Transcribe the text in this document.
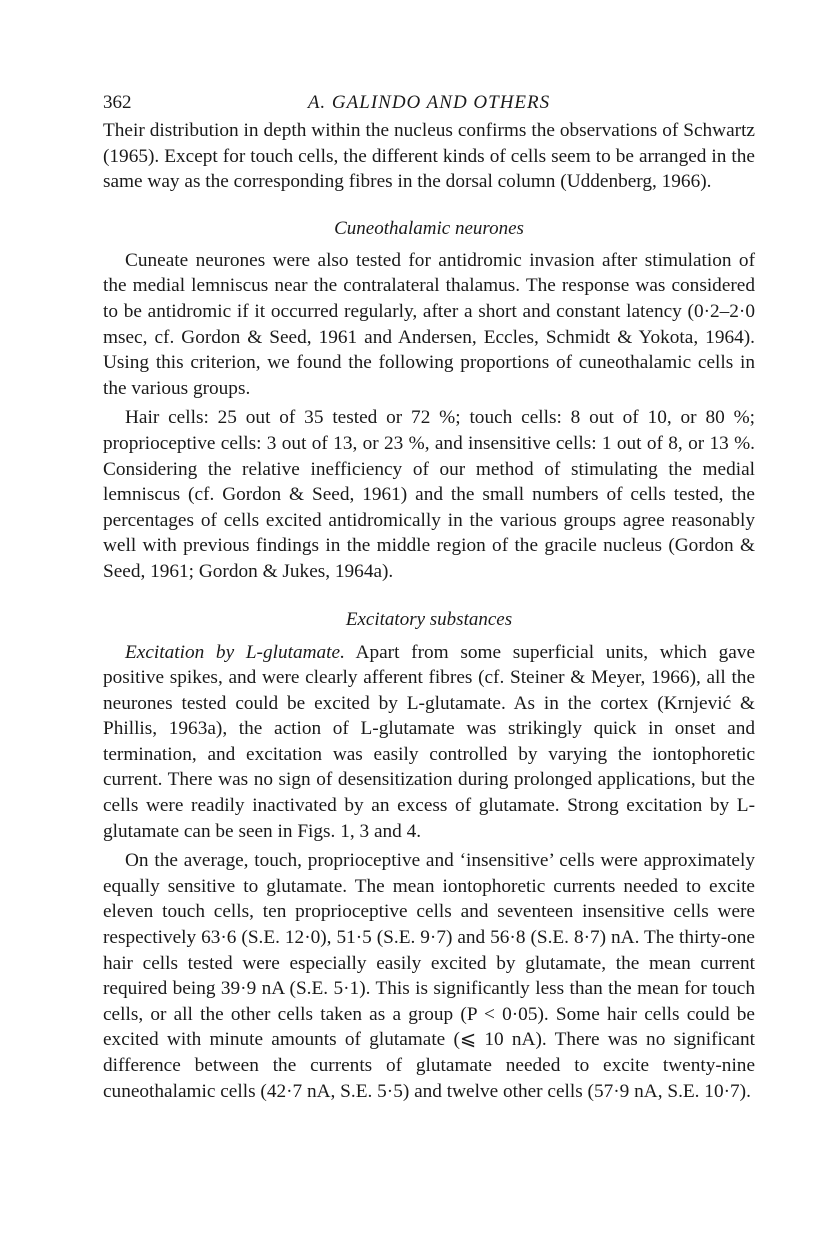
362	A. GALINDO AND OTHERS

Their distribution in depth within the nucleus confirms the observations of Schwartz (1965). Except for touch cells, the different kinds of cells seem to be arranged in the same way as the corresponding fibres in the dorsal column (Uddenberg, 1966).

Cuneothalamic neurones

Cuneate neurones were also tested for antidromic invasion after stimulation of the medial lemniscus near the contralateral thalamus. The response was considered to be antidromic if it occurred regularly, after a short and constant latency (0·2–2·0 msec, cf. Gordon & Seed, 1961 and Andersen, Eccles, Schmidt & Yokota, 1964). Using this criterion, we found the following proportions of cuneothalamic cells in the various groups.

Hair cells: 25 out of 35 tested or 72 %; touch cells: 8 out of 10, or 80 %; proprioceptive cells: 3 out of 13, or 23 %, and insensitive cells: 1 out of 8, or 13 %. Considering the relative inefficiency of our method of stimulating the medial lemniscus (cf. Gordon & Seed, 1961) and the small numbers of cells tested, the percentages of cells excited antidromically in the various groups agree reasonably well with previous findings in the middle region of the gracile nucleus (Gordon & Seed, 1961; Gordon & Jukes, 1964a).

Excitatory substances

Excitation by L-glutamate. Apart from some superficial units, which gave positive spikes, and were clearly afferent fibres (cf. Steiner & Meyer, 1966), all the neurones tested could be excited by L-glutamate. As in the cortex (Krnjević & Phillis, 1963a), the action of L-glutamate was strikingly quick in onset and termination, and excitation was easily controlled by varying the iontophoretic current. There was no sign of desensitization during prolonged applications, but the cells were readily inactivated by an excess of glutamate. Strong excitation by L-glutamate can be seen in Figs. 1, 3 and 4.

On the average, touch, proprioceptive and ‘insensitive’ cells were approximately equally sensitive to glutamate. The mean iontophoretic currents needed to excite eleven touch cells, ten proprioceptive cells and seventeen insensitive cells were respectively 63·6 (S.E. 12·0), 51·5 (S.E. 9·7) and 56·8 (S.E. 8·7) nA. The thirty-one hair cells tested were especially easily excited by glutamate, the mean current required being 39·9 nA (S.E. 5·1). This is significantly less than the mean for touch cells, or all the other cells taken as a group (P < 0·05). Some hair cells could be excited with minute amounts of glutamate (⩽ 10 nA). There was no significant difference between the currents of glutamate needed to excite twenty-nine cuneothalamic cells (42·7 nA, S.E. 5·5) and twelve other cells (57·9 nA, S.E. 10·7).
